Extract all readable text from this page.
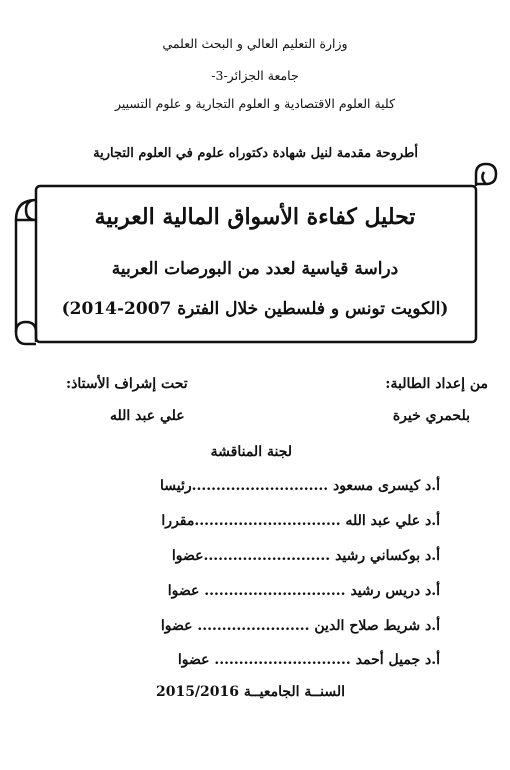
وزارة التعليم العالي و البحث العلمي
جامعة الجزائر-3-
كلية العلوم الاقتصادية و العلوم التجارية و علوم التسيير
أطروحة مقدمة لنيل شهادة دكتوراه علوم في العلوم التجارية
تحليل كفاءة الأسواق المالية العربية
دراسة قياسية لعدد من البورصات العربية
(الكويت تونس و فلسطين خلال الفترة 2007-2014)
من إعداد الطالبة:
بلحمري خيرة
تحت إشراف الأستاذ:
علي عبد الله
لجنة المناقشة
أ.د كيسرى مسعود ............................رئيسا
أ.د علي عبد الله ..............................مقررا
أ.د بوكساني رشيد ..........................عضوا
أ.د دريس رشيد ............................. عضوا
أ.د شريط صلاح الدين ....................... عضوا
أ.د جميل أحمد ............................ عضوا
السنــة الجامعيــة 2015/2016
